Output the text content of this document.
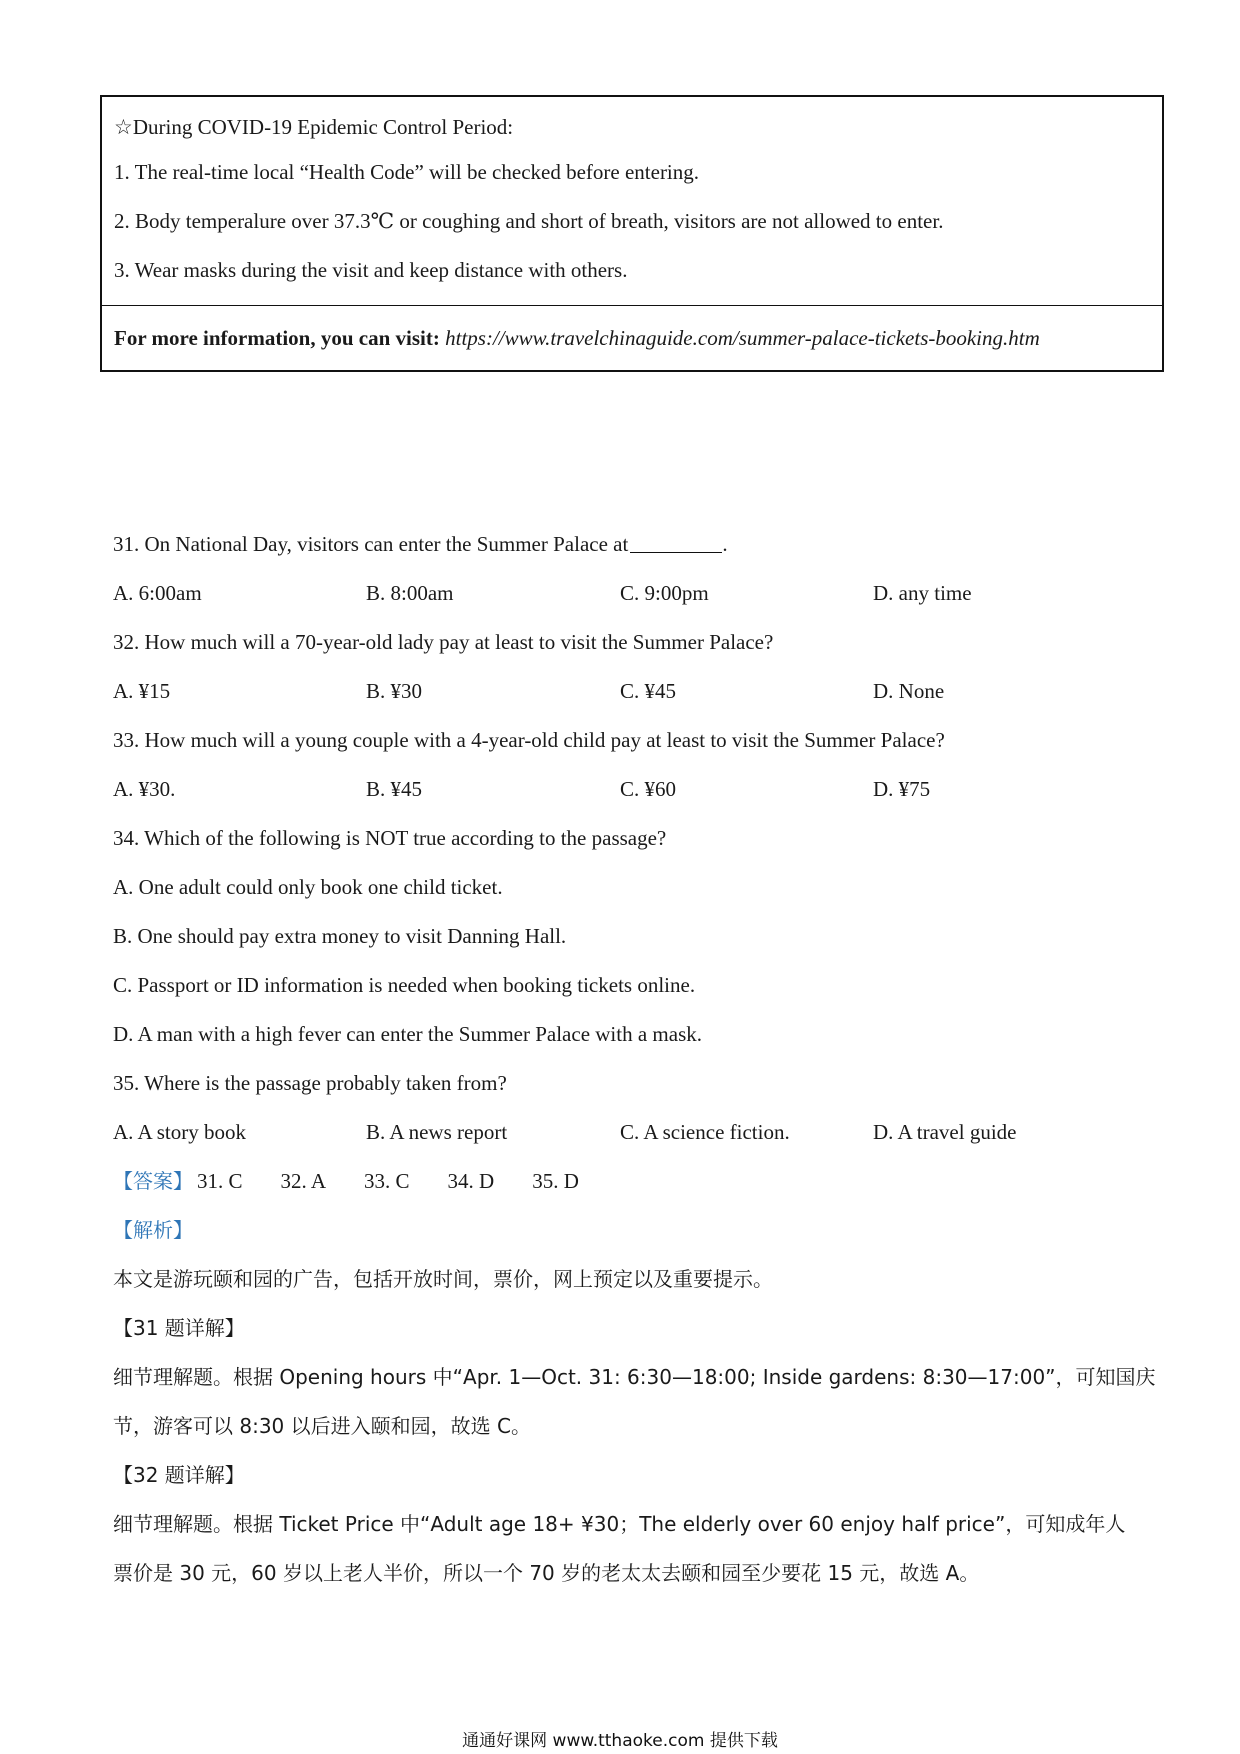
☆During COVID-19 Epidemic Control Period:
1. The real-time local “Health Code” will be checked before entering.
2. Body temperalure over 37.3℃ or coughing and short of breath, visitors are not allowed to enter.
3. Wear masks during the visit and keep distance with others.
For more information, you can visit: https://www.travelchinaguide.com/summer-palace-tickets-booking.htm
31. On National Day, visitors can enter the Summer Palace at	.
A. 6:00am	B. 8:00am	C. 9:00pm	D. any time
32. How much will a 70-year-old lady pay at least to visit the Summer Palace?
A. ¥15	B. ¥30	C. ¥45	D. None
33. How much will a young couple with a 4-year-old child pay at least to visit the Summer Palace?
A. ¥30.	B. ¥45	C. ¥60	D. ¥75
34. Which of the following is NOT true according to the passage?
A. One adult could only book one child ticket.
B. One should pay extra money to visit Danning Hall.
C. Passport or ID information is needed when booking tickets online.
D. A man with a high fever can enter the Summer Palace with a mask.
35. Where is the passage probably taken from?
A. A story book	B. A news report	C. A science fiction.	D. A travel guide
【答案】 31. C 32. A 33. C 34. D 35. D
【解析】
本文是游玩颐和园的广告，包括开放时间，票价，网上预定以及重要提示。
【31 题详解】
细节理解题。根据 Opening hours 中“Apr. 1—Oct. 31: 6:30—18:00; Inside gardens: 8:30—17:00”，可知国庆
节，游客可以 8:30 以后进入颐和园，故选 C。
【32 题详解】
细节理解题。根据 Ticket Price 中“Adult age 18+ ¥30；The elderly over 60 enjoy half price”，可知成年人
票价是 30 元，60 岁以上老人半价，所以一个 70 岁的老太太去颐和园至少要花 15 元，故选 A。
通通好课网 www.tthaoke.com 提供下载
